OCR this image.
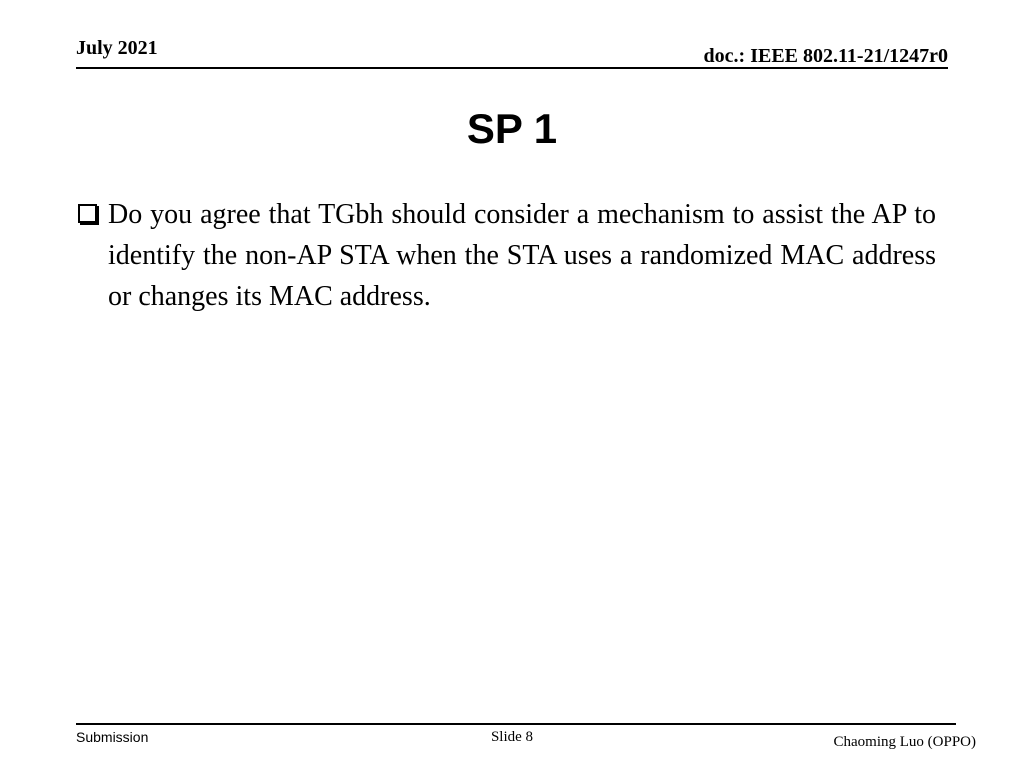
July 2021	doc.: IEEE 802.11-21/1247r0
SP 1
Do you agree that TGbh should consider a mechanism to assist the AP to identify the non-AP STA when the STA uses a randomized MAC address or changes its MAC address.
Submission	Slide 8	Chaoming Luo (OPPO)
